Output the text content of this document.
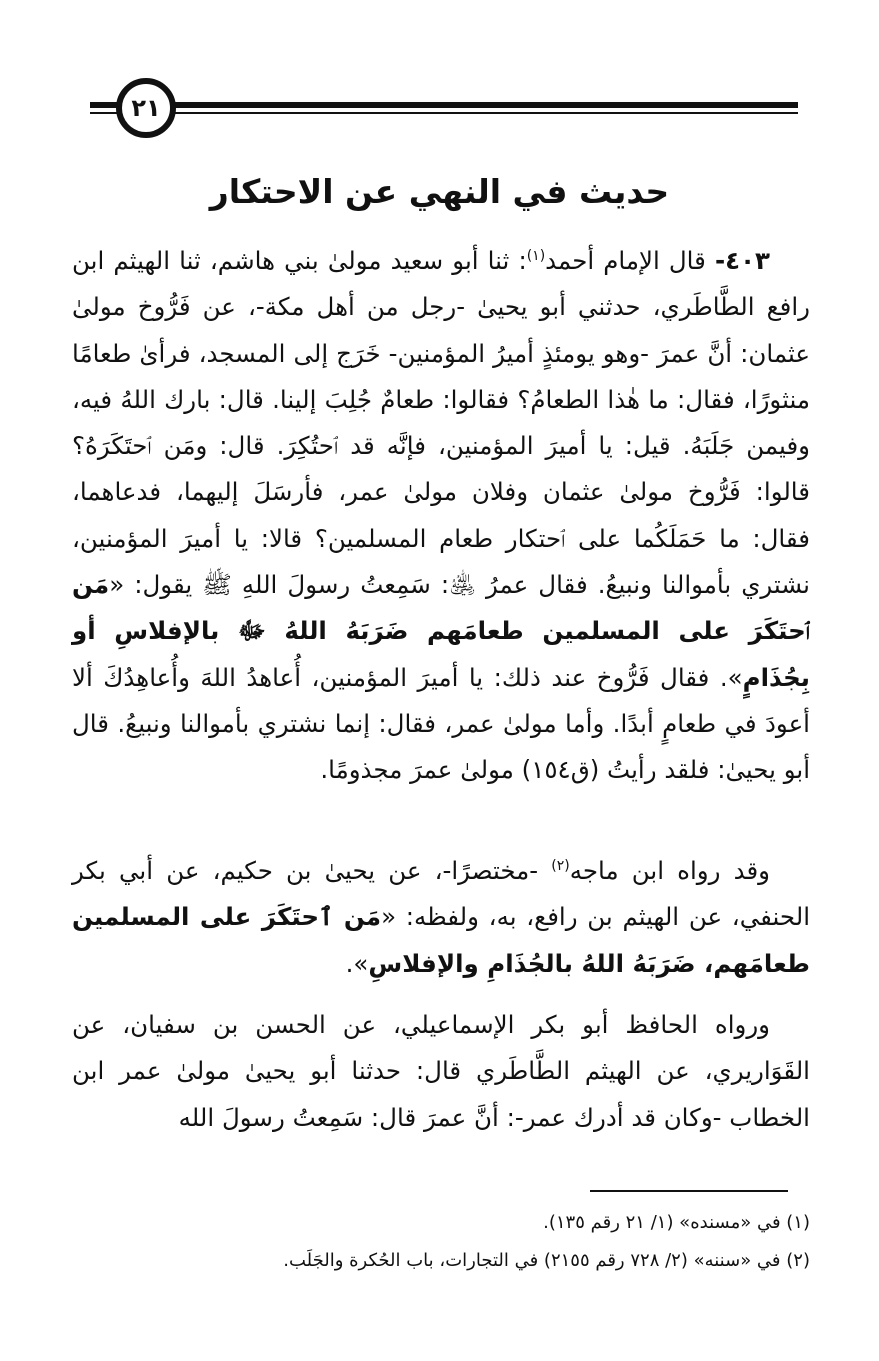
٢١
حديث في النهي عن الاحتكار

٤٠٣- قال الإمام أحمد$^{(١)}$: ثنا أبو سعيد مولىٰ بني هاشم، ثنا الهيثم ابن رافع الطَّاطَري، حدثني أبو يحيىٰ -رجل من أهل مكة-، عن فَرُّوخ مولىٰ عثمان: أنَّ عمرَ -وهو يومئذٍ أميرُ المؤمنين- خَرَج إلى المسجد، فرأىٰ طعامًا منثورًا، فقال: ما هٰذا الطعامُ؟ فقالوا: طعامٌ جُلِبَ إلينا. قال: بارك اللهُ فيه، وفيمن جَلَبَهُ. قيل: يا أميرَ المؤمنين، فإنَّه قد ٱحتُكِرَ. قال: ومَن ٱحتَكَرَهُ؟ قالوا: فَرُّوخ مولىٰ عثمان وفلان مولىٰ عمر، فأرسَلَ إليهما، فدعاهما، فقال: ما حَمَلَكُما على ٱحتكار طعام المسلمين؟ قالا: يا أميرَ المؤمنين، نشتري بأموالنا ونبيعُ. فقال عمرُ ﵁: سَمِعتُ رسولَ اللهِ ﷺ يقول: «مَن ٱحتَكَرَ على المسلمين طعامَهم ضَرَبَهُ اللهُ ﷻ بالإفلاسِ أو بِجُذَامٍ». فقال فَرُّوخ عند ذلك: يا أميرَ المؤمنين، أُعاهدُ اللهَ وأُعاهِدُكَ ألا أعودَ في طعامٍ أبدًا. وأما مولىٰ عمر، فقال: إنما نشتري بأموالنا ونبيعُ. قال أبو يحيىٰ: فلقد رأيتُ (ق١٥٤) مولىٰ عمرَ مجذومًا.

وقد رواه ابن ماجه$^{(٢)}$ -مختصرًا-، عن يحيىٰ بن حكيم، عن أبي بكر الحنفي، عن الهيثم بن رافع، به، ولفظه: «مَن ٱحتَكَرَ على المسلمين طعامَهم، ضَرَبَهُ اللهُ بالجُذَامِ والإفلاسِ».

ورواه الحافظ أبو بكر الإسماعيلي، عن الحسن بن سفيان، عن القَوَاريري، عن الهيثم الطَّاطَري قال: حدثنا أبو يحيىٰ مولىٰ عمر ابن الخطاب -وكان قد أدرك عمر-: أنَّ عمرَ قال: سَمِعتُ رسولَ الله

(١) في «مسنده» (١/ ٢١ رقم ١٣٥).
(٢) في «سننه» (٢/ ٧٢٨ رقم ٢١٥٥) في التجارات، باب الحُكرة والجَلَب.
